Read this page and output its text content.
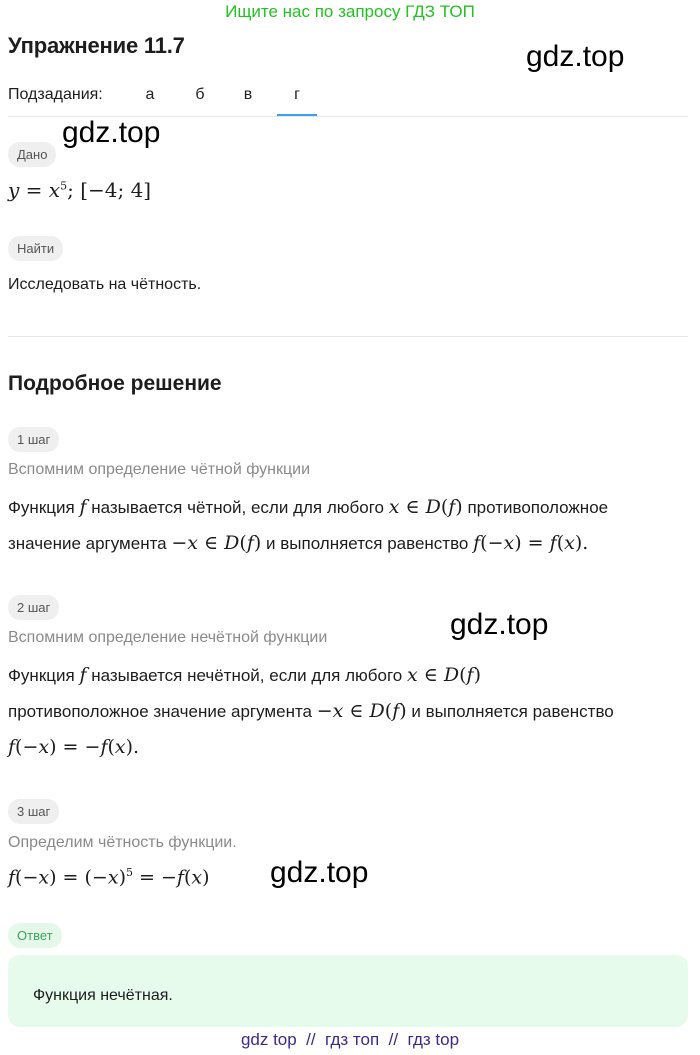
Ищите нас по запросу ГДЗ ТОП
Упражнение 11.7	gdz.top
Подзадания:	а	б	в	г
Дано
gdz.top
$y = x^5$; [−4; 4]
Найти
Исследовать на чётность.
Подробное решение
1 шаг
Вспомним определение чётной функции
Функция f называется чётной, если для любого x ∈ D(f) противоположное
значение аргумента −x ∈ D(f) и выполняется равенство f(−x) = f(x).
2 шаг
Вспомним определение нечётной функции	gdz.top
Функция f называется нечётной, если для любого x ∈ D(f)
противоположное значение аргумента −x ∈ D(f) и выполняется равенство
f(−x) = −f(x).
3 шаг
Определим чётность функции.
$f(-x) = (-x)^5 = -f(x)$ gdz.top
Ответ
Функция нечётная.
gdz top  //  гдз топ  //  гдз top
